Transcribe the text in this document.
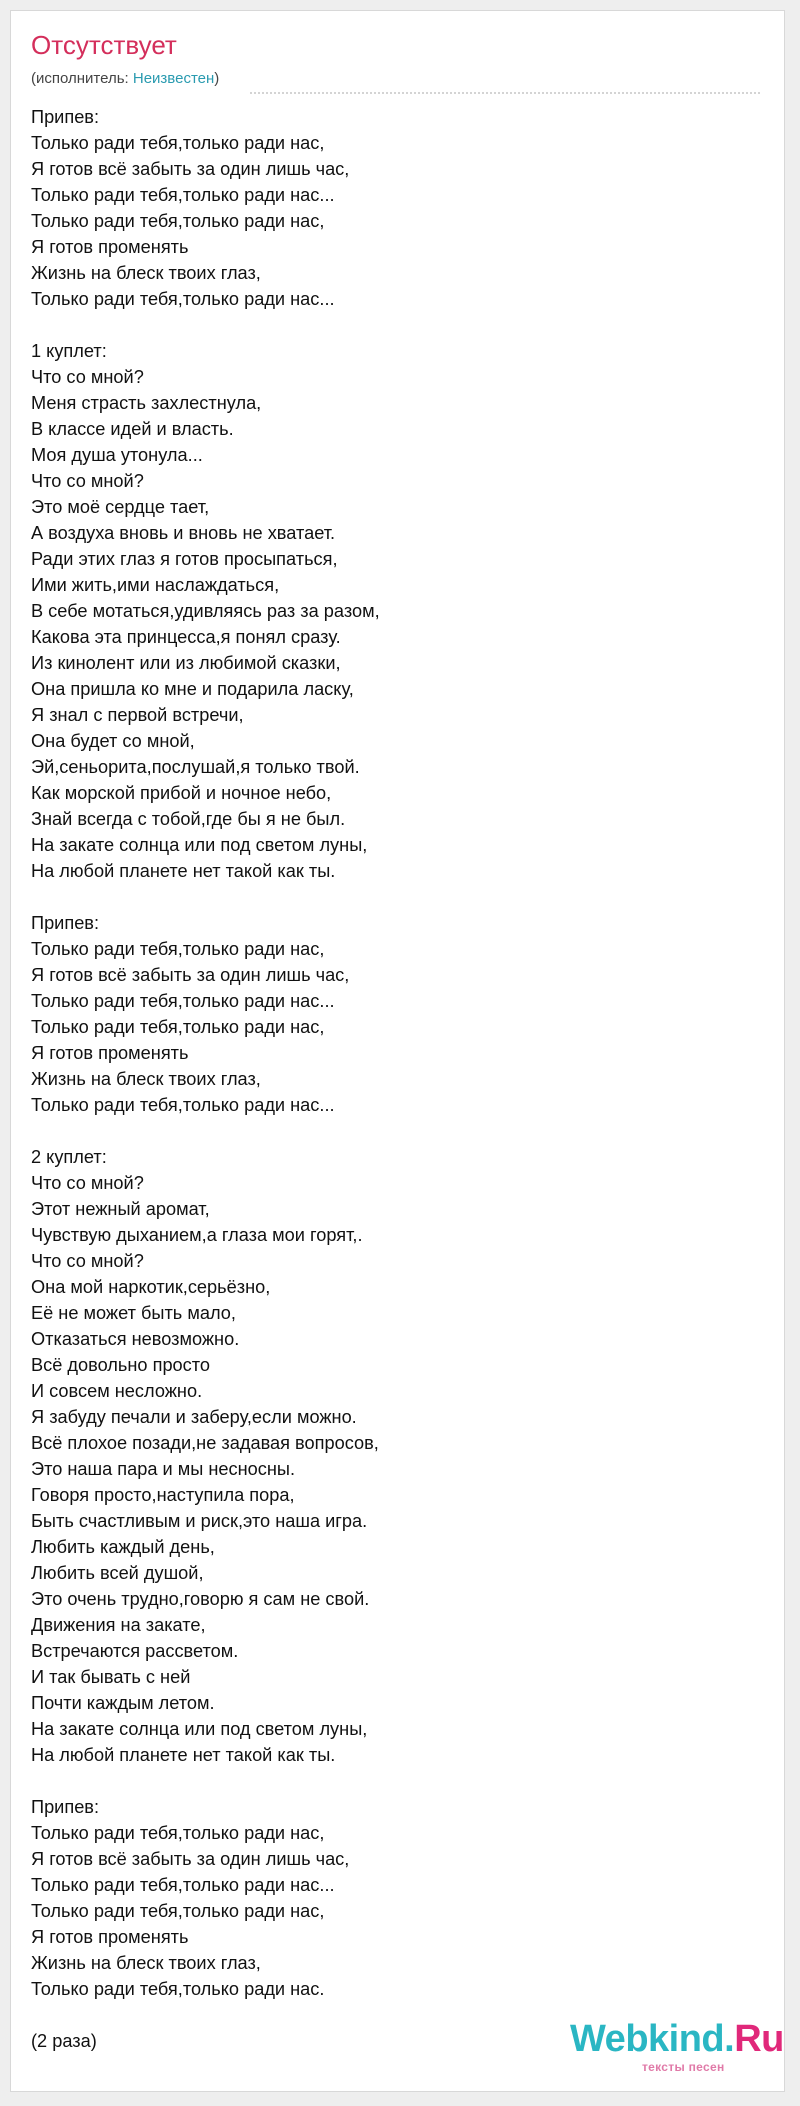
Отсутствует
(исполнитель: Неизвестен)
Припев:
Только ради тебя,только ради нас,
Я готов всё забыть за один лишь час,
Только ради тебя,только ради нас...
Только ради тебя,только ради нас,
Я готов променять
Жизнь на блеск твоих глаз,
Только ради тебя,только ради нас...
1 куплет:
Что со мной?
Меня страсть захлестнула,
В классе идей и власть.
Моя душа утонула...
Что со мной?
Это моё сердце тает,
А воздуха вновь и вновь не хватает.
Ради этих глаз я готов просыпаться,
Ими жить,ими наслаждаться,
В себе мотаться,удивляясь раз за разом,
Какова эта принцесса,я понял сразу.
Из кинолент или из любимой сказки,
Она пришла ко мне и подарила ласку,
Я знал с первой встречи,
Она будет со мной,
Эй,сеньорита,послушай,я только твой.
Как морской прибой и ночное небо,
Знай всегда с тобой,где бы я не был.
На закате солнца или под светом луны,
На любой планете нет такой как ты.
Припев:
Только ради тебя,только ради нас,
Я готов всё забыть за один лишь час,
Только ради тебя,только ради нас...
Только ради тебя,только ради нас,
Я готов променять
Жизнь на блеск твоих глаз,
Только ради тебя,только ради нас...
2 куплет:
Что со мной?
Этот нежный аромат,
Чувствую дыханием,а глаза мои горят,.
Что со мной?
Она мой наркотик,серьёзно,
Её не может быть мало,
Отказаться невозможно.
Всё довольно просто
И совсем несложно.
Я забуду печали и заберу,если можно.
Всё плохое позади,не задавая вопросов,
Это наша пара и мы несносны.
Говоря просто,наступила пора,
Быть счастливым и риск,это наша игра.
Любить каждый день,
Любить всей душой,
Это очень трудно,говорю я сам не свой.
Движения на закате,
Встречаются рассветом.
И так бывать с ней
Почти каждым летом.
На закате солнца или под светом луны,
На любой планете нет такой как ты.
Припев:
Только ради тебя,только ради нас,
Я готов всё забыть за один лишь час,
Только ради тебя,только ради нас...
Только ради тебя,только ради нас,
Я готов променять
Жизнь на блеск твоих глаз,
Только ради тебя,только ради нас.
(2 раза)	Webkind.Ru
тексты песен
